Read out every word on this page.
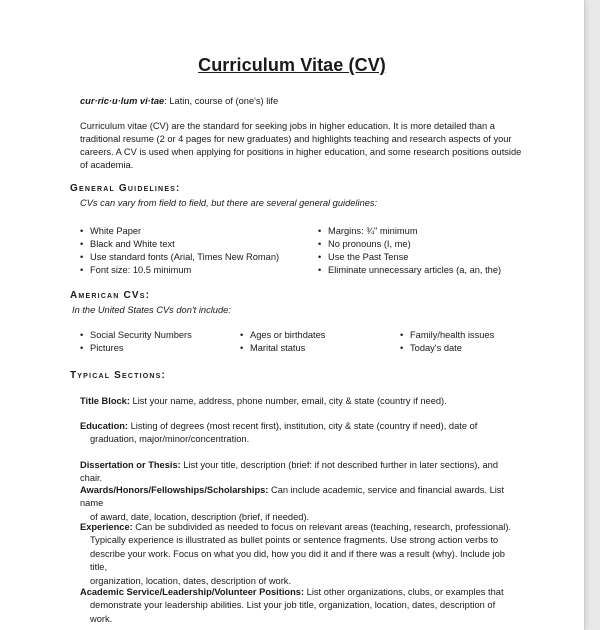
Curriculum Vitae (CV)
cur·ric·u·lum vi·tae: Latin, course of (one's) life
Curriculum vitae (CV) are the standard for seeking jobs in higher education. It is more detailed than a
traditional resume (2 or 4 pages for new graduates) and highlights teaching and research aspects of your
careers. A CV is used when applying for positions in higher education, and some research positions outside
of academia.
General Guidelines:
CVs can vary from field to field, but there are several general guidelines:
• White Paper
• Black and White text
• Use standard fonts (Arial, Times New Roman)
• Font size: 10.5 minimum
• Margins: ¾" minimum
• No pronouns (I, me)
• Use the Past Tense
• Eliminate unnecessary articles (a, an, the)
American CVs:
In the United States CVs don't include:
• Social Security Numbers
• Pictures
• Ages or birthdates
• Marital status
• Family/health issues
• Today's date
Typical Sections:
Title Block: List your name, address, phone number, email, city & state (country if need).
Education: Listing of degrees (most recent first), institution, city & state (country if need), date of
graduation, major/minor/concentration.
Dissertation or Thesis: List your title, description (brief: if not described further in later sections), and chair.
Awards/Honors/Fellowships/Scholarships: Can include academic, service and financial awards. List name
of award, date, location, description (brief, if needed).
Experience: Can be subdivided as needed to focus on relevant areas (teaching, research, professional).
Typically experience is illustrated as bullet points or sentence fragments. Use strong action verbs to
describe your work. Focus on what you did, how you did it and if there was a result (why). Include job title,
organization, location, dates, description of work.
Academic Service/Leadership/Volunteer Positions: List other organizations, clubs, or examples that
demonstrate your leadership abilities. List your job title, organization, location, dates, description of
work.
